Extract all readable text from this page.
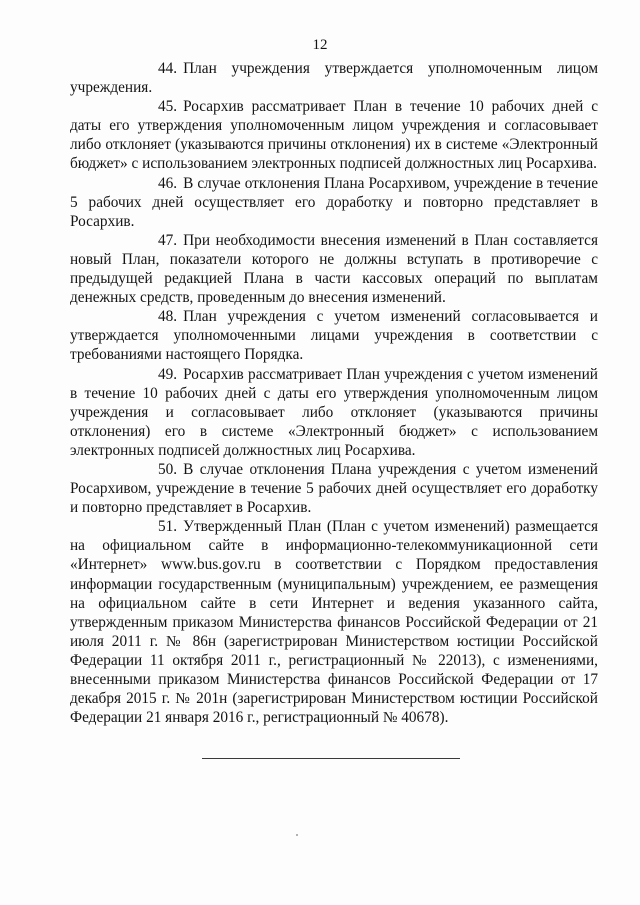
12

44. План учреждения утверждается уполномоченным лицом учреждения.

45. Росархив рассматривает План в течение 10 рабочих дней с даты его утверждения уполномоченным лицом учреждения и согласовывает либо отклоняет (указываются причины отклонения) их в системе «Электронный бюджет» с использованием электронных подписей должностных лиц Росархива.

46. В случае отклонения Плана Росархивом, учреждение в течение 5 рабочих дней осуществляет его доработку и повторно представляет в Росархив.

47. При необходимости внесения изменений в План составляется новый План, показатели которого не должны вступать в противоречие с предыдущей редакцией Плана в части кассовых операций по выплатам денежных средств, проведенным до внесения изменений.

48. План учреждения с учетом изменений согласовывается и утверждается уполномоченными лицами учреждения в соответствии с требованиями настоящего Порядка.

49. Росархив рассматривает План учреждения с учетом изменений в течение 10 рабочих дней с даты его утверждения уполномоченным лицом учреждения и согласовывает либо отклоняет (указываются причины отклонения) его в системе «Электронный бюджет» с использованием электронных подписей должностных лиц Росархива.

50. В случае отклонения Плана учреждения с учетом изменений Росархивом, учреждение в течение 5 рабочих дней осуществляет его доработку и повторно представляет в Росархив.

51. Утвержденный План (План с учетом изменений) размещается на официальном сайте в информационно-телекоммуникационной сети «Интернет» www.bus.gov.ru в соответствии с Порядком предоставления информации государственным (муниципальным) учреждением, ее размещения на официальном сайте в сети Интернет и ведения указанного сайта, утвержденным приказом Министерства финансов Российской Федерации от 21 июля 2011 г. № 86н (зарегистрирован Министерством юстиции Российской Федерации 11 октября 2011 г., регистрационный № 22013), с изменениями, внесенными приказом Министерства финансов Российской Федерации от 17 декабря 2015 г. № 201н (зарегистрирован Министерством юстиции Российской Федерации 21 января 2016 г., регистрационный № 40678).
